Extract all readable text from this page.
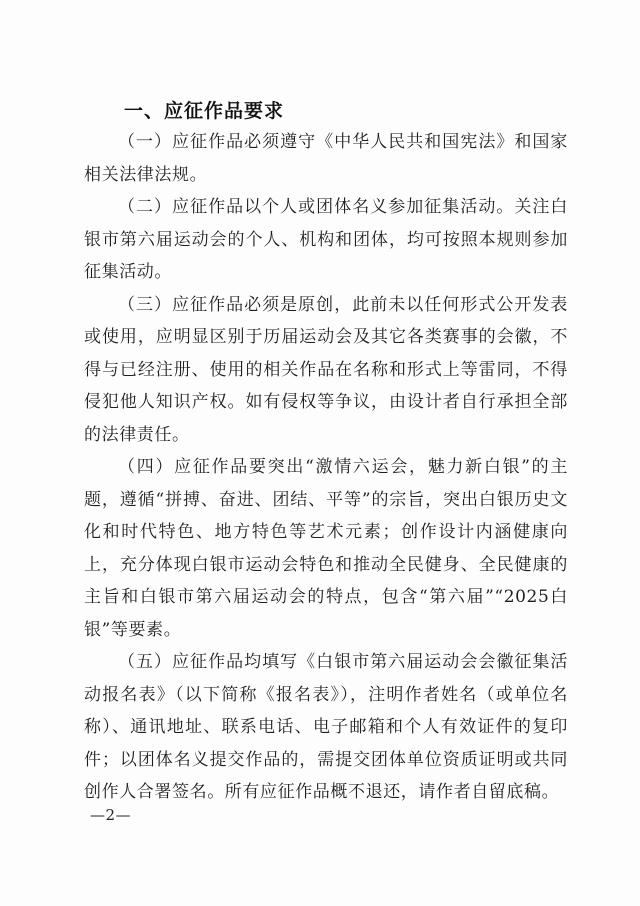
一、应征作品要求

（一）应征作品必须遵守《中华人民共和国宪法》和国家相关法律法规。

（二）应征作品以个人或团体名义参加征集活动。关注白银市第六届运动会的个人、机构和团体，均可按照本规则参加征集活动。

（三）应征作品必须是原创，此前未以任何形式公开发表或使用，应明显区别于历届运动会及其它各类赛事的会徽，不得与已经注册、使用的相关作品在名称和形式上等雷同，不得侵犯他人知识产权。如有侵权等争议，由设计者自行承担全部的法律责任。

（四）应征作品要突出“激情六运会，魅力新白银”的主题，遵循“拼搏、奋进、团结、平等”的宗旨，突出白银历史文化和时代特色、地方特色等艺术元素；创作设计内涵健康向上，充分体现白银市运动会特色和推动全民健身、全民健康的主旨和白银市第六届运动会的特点，包含“第六届”“2025白银”等要素。

（五）应征作品均填写《白银市第六届运动会会徽征集活动报名表》（以下简称《报名表》），注明作者姓名（或单位名称）、通讯地址、联系电话、电子邮箱和个人有效证件的复印件；以团体名义提交作品的，需提交团体单位资质证明或共同创作人合署签名。所有应征作品概不退还，请作者自留底稿。

—2—
